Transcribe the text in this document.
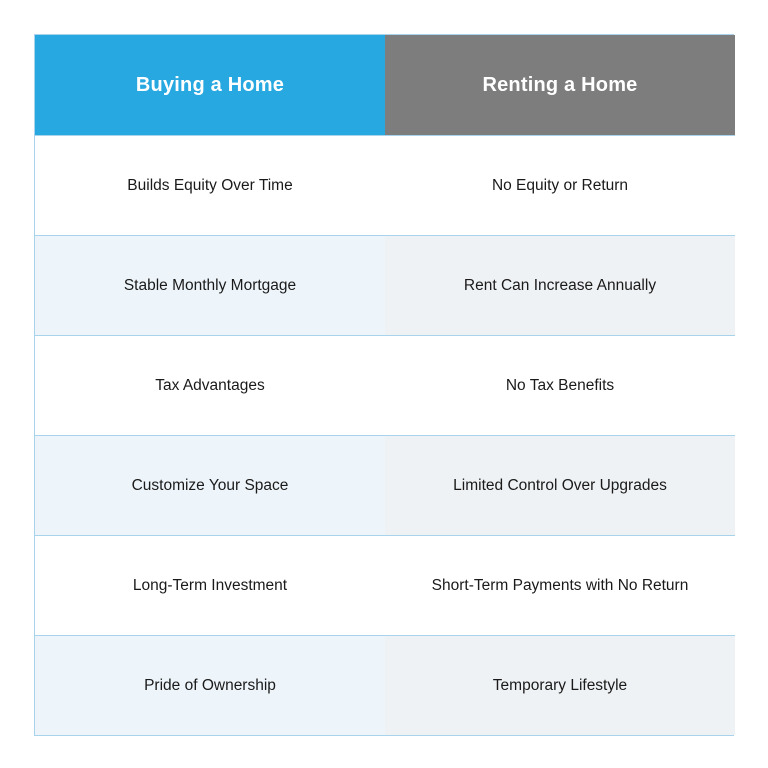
Buying a Home	Renting a Home
Builds Equity Over Time	No Equity or Return
Stable Monthly Mortgage	Rent Can Increase Annually
Tax Advantages	No Tax Benefits
Customize Your Space	Limited Control Over Upgrades
Long-Term Investment	Short-Term Payments with No Return
Pride of Ownership	Temporary Lifestyle
